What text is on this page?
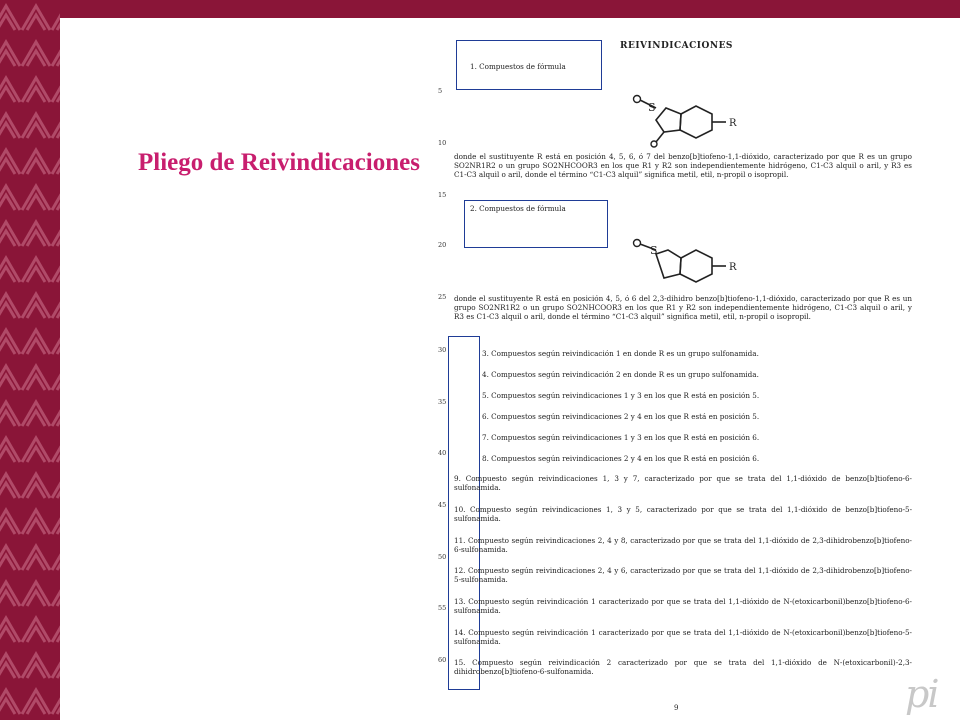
Pliego de Reivindicaciones
REIVINDICACIONES
5
10
15
20
25
30
35
40
45
50
55
60
1. Compuestos de fórmula
S
R
donde el sustituyente R está en posición 4, 5, 6, ó 7 del benzo[b]tiofeno-1,1-dióxido, caracterizado por que R es un grupo SO2NR1R2 o un grupo SO2NHCOOR3 en los que R1 y R2 son independientemente hidrógeno, C1-C3 alquil o aril, y R3 es C1-C3 alquil o aril, donde el término “C1-C3 alquil” significa metil, etil, n-propil o isopropil.
2. Compuestos de fórmula
S
R
donde el sustituyente R está en posición 4, 5, ó 6 del 2,3-dihidro benzo[b]tiofeno-1,1-dióxido, caracterizado por que R es un grupo SO2NR1R2 o un grupo SO2NHCOOR3 en los que R1 y R2 son independientemente hidrógeno, C1-C3 alquil o aril, y R3 es C1-C3 alquil o aril, donde el término “C1-C3 alquil” significa metil, etil, n-propil o isopropil.
3. Compuestos según reivindicación 1 en donde R es un grupo sulfonamida.
4. Compuestos según reivindicación 2 en donde R es un grupo sulfonamida.
5. Compuestos según reivindicaciones 1 y 3 en los que R está en posición 5.
6. Compuestos según reivindicaciones 2 y 4 en los que R está en posición 5.
7. Compuestos según reivindicaciones 1 y 3 en los que R está en posición 6.
8. Compuestos según reivindicaciones 2 y 4 en los que R está en posición 6.
9. Compuesto según reivindicaciones 1, 3 y 7, caracterizado por que se trata del 1,1-dióxido de benzo[b]tiofeno-6-sulfonamida.
10. Compuesto según reivindicaciones 1, 3 y 5, caracterizado por que se trata del 1,1-dióxido de benzo[b]tiofeno-5-sulfonamida.
11. Compuesto según reivindicaciones 2, 4 y 8, caracterizado por que se trata del 1,1-dióxido de 2,3-dihidrobenzo[b]tiofeno-6-sulfonamida.
12. Compuesto según reivindicaciones 2, 4 y 6, caracterizado por que se trata del 1,1-dióxido de 2,3-dihidrobenzo[b]tiofeno-5-sulfonamida.
13. Compuesto según reivindicación 1 caracterizado por que se trata del 1,1-dióxido de N-(etoxicarbonil)benzo[b]tiofeno-6-sulfonamida.
14. Compuesto según reivindicación 1 caracterizado por que se trata del 1,1-dióxido de N-(etoxicarbonil)benzo[b]tiofeno-5-sulfonamida.
15. Compuesto según reivindicación 2 caracterizado por que se trata del 1,1-dióxido de N-(etoxicarbonil)-2,3-dihidrobenzo[b]tiofeno-6-sulfonamida.
9	pi
